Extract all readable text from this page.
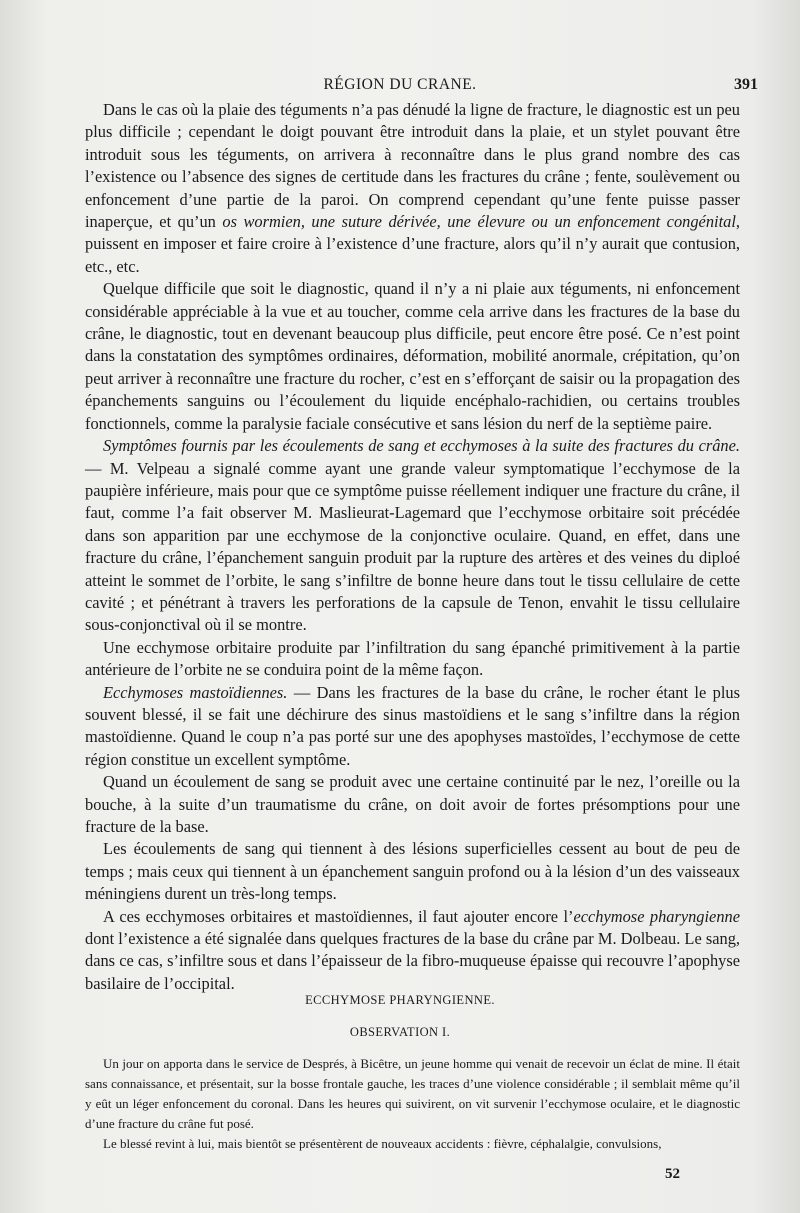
RÉGION DU CRANE.	391

Dans le cas où la plaie des téguments n’a pas dénudé la ligne de fracture, le diagnostic est un peu plus difficile ; cependant le doigt pouvant être introduit dans la plaie, et un stylet pouvant être introduit sous les téguments, on arrivera à reconnaître dans le plus grand nombre des cas l’existence ou l’absence des signes de certitude dans les fractures du crâne ; fente, soulèvement ou enfoncement d’une partie de la paroi. On comprend cependant qu’une fente puisse passer inaperçue, et qu’un os wormien, une suture dérivée, une élevure ou un enfoncement congénital, puissent en imposer et faire croire à l’existence d’une fracture, alors qu’il n’y aurait que contusion, etc., etc.

Quelque difficile que soit le diagnostic, quand il n’y a ni plaie aux téguments, ni enfoncement considérable appréciable à la vue et au toucher, comme cela arrive dans les fractures de la base du crâne, le diagnostic, tout en devenant beaucoup plus difficile, peut encore être posé. Ce n’est point dans la constatation des symptômes ordinaires, déformation, mobilité anormale, crépitation, qu’on peut arriver à reconnaître une fracture du rocher, c’est en s’efforçant de saisir ou la propagation des épanchements sanguins ou l’écoulement du liquide encéphalo-rachidien, ou certains troubles fonctionnels, comme la paralysie faciale consécutive et sans lésion du nerf de la septième paire.

Symptômes fournis par les écoulements de sang et ecchymoses à la suite des fractures du crâne. — M. Velpeau a signalé comme ayant une grande valeur symptomatique l’ecchymose de la paupière inférieure, mais pour que ce symptôme puisse réellement indiquer une fracture du crâne, il faut, comme l’a fait observer M. Maslieurat-Lagemard que l’ecchymose orbitaire soit précédée dans son apparition par une ecchymose de la conjonctive oculaire. Quand, en effet, dans une fracture du crâne, l’épanchement sanguin produit par la rupture des artères et des veines du diploé atteint le sommet de l’orbite, le sang s’infiltre de bonne heure dans tout le tissu cellulaire de cette cavité ; et pénétrant à travers les perforations de la capsule de Tenon, envahit le tissu cellulaire sous-conjonctival où il se montre.

Une ecchymose orbitaire produite par l’infiltration du sang épanché primitivement à la partie antérieure de l’orbite ne se conduira point de la même façon.

Ecchymoses mastoïdiennes. — Dans les fractures de la base du crâne, le rocher étant le plus souvent blessé, il se fait une déchirure des sinus mastoïdiens et le sang s’infiltre dans la région mastoïdienne. Quand le coup n’a pas porté sur une des apophyses mastoïdes, l’ecchymose de cette région constitue un excellent symptôme.

Quand un écoulement de sang se produit avec une certaine continuité par le nez, l’oreille ou la bouche, à la suite d’un traumatisme du crâne, on doit avoir de fortes présomptions pour une fracture de la base.

Les écoulements de sang qui tiennent à des lésions superficielles cessent au bout de peu de temps ; mais ceux qui tiennent à un épanchement sanguin profond ou à la lésion d’un des vaisseaux méningiens durent un très-long temps.

A ces ecchymoses orbitaires et mastoïdiennes, il faut ajouter encore l’ecchymose pharyngienne dont l’existence a été signalée dans quelques fractures de la base du crâne par M. Dolbeau. Le sang, dans ce cas, s’infiltre sous et dans l’épaisseur de la fibro-muqueuse épaisse qui recouvre l’apophyse basilaire de l’occipital.

ECCHYMOSE PHARYNGIENNE.
OBSERVATION I.

Un jour on apporta dans le service de Després, à Bicêtre, un jeune homme qui venait de recevoir un éclat de mine. Il était sans connaissance, et présentait, sur la bosse frontale gauche, les traces d’une violence considérable ; il semblait même qu’il y eût un léger enfoncement du coronal. Dans les heures qui suivirent, on vit survenir l’ecchymose oculaire, et le diagnostic d’une fracture du crâne fut posé.

Le blessé revint à lui, mais bientôt se présentèrent de nouveaux accidents : fièvre, céphalalgie, convulsions,

52
